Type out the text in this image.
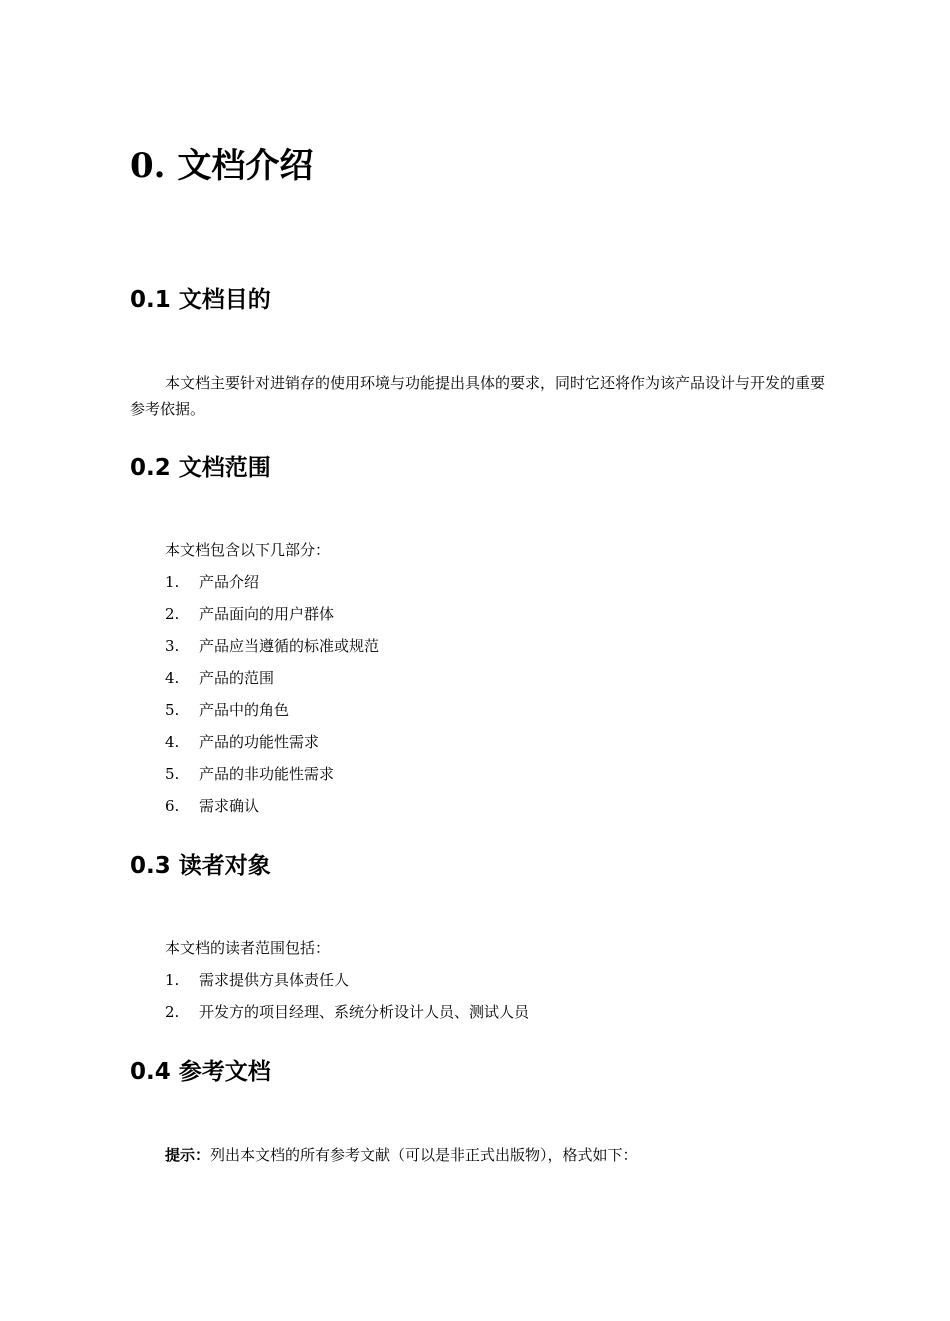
0. 文档介绍
0.1 文档目的

本文档主要针对进销存的使用环境与功能提出具体的要求，同时它还将作为该产品设计与开发的重要参考依据。

0.2 文档范围

本文档包含以下几部分：

1. 产品介绍

2. 产品面向的用户群体

3. 产品应当遵循的标准或规范

4. 产品的范围

5. 产品中的角色

4. 产品的功能性需求

5. 产品的非功能性需求

6. 需求确认

0.3 读者对象

本文档的读者范围包括：

1. 需求提供方具体责任人

2. 开发方的项目经理、系统分析设计人员、测试人员

0.4 参考文档

提示：列出本文档的所有参考文献（可以是非正式出版物），格式如下：
